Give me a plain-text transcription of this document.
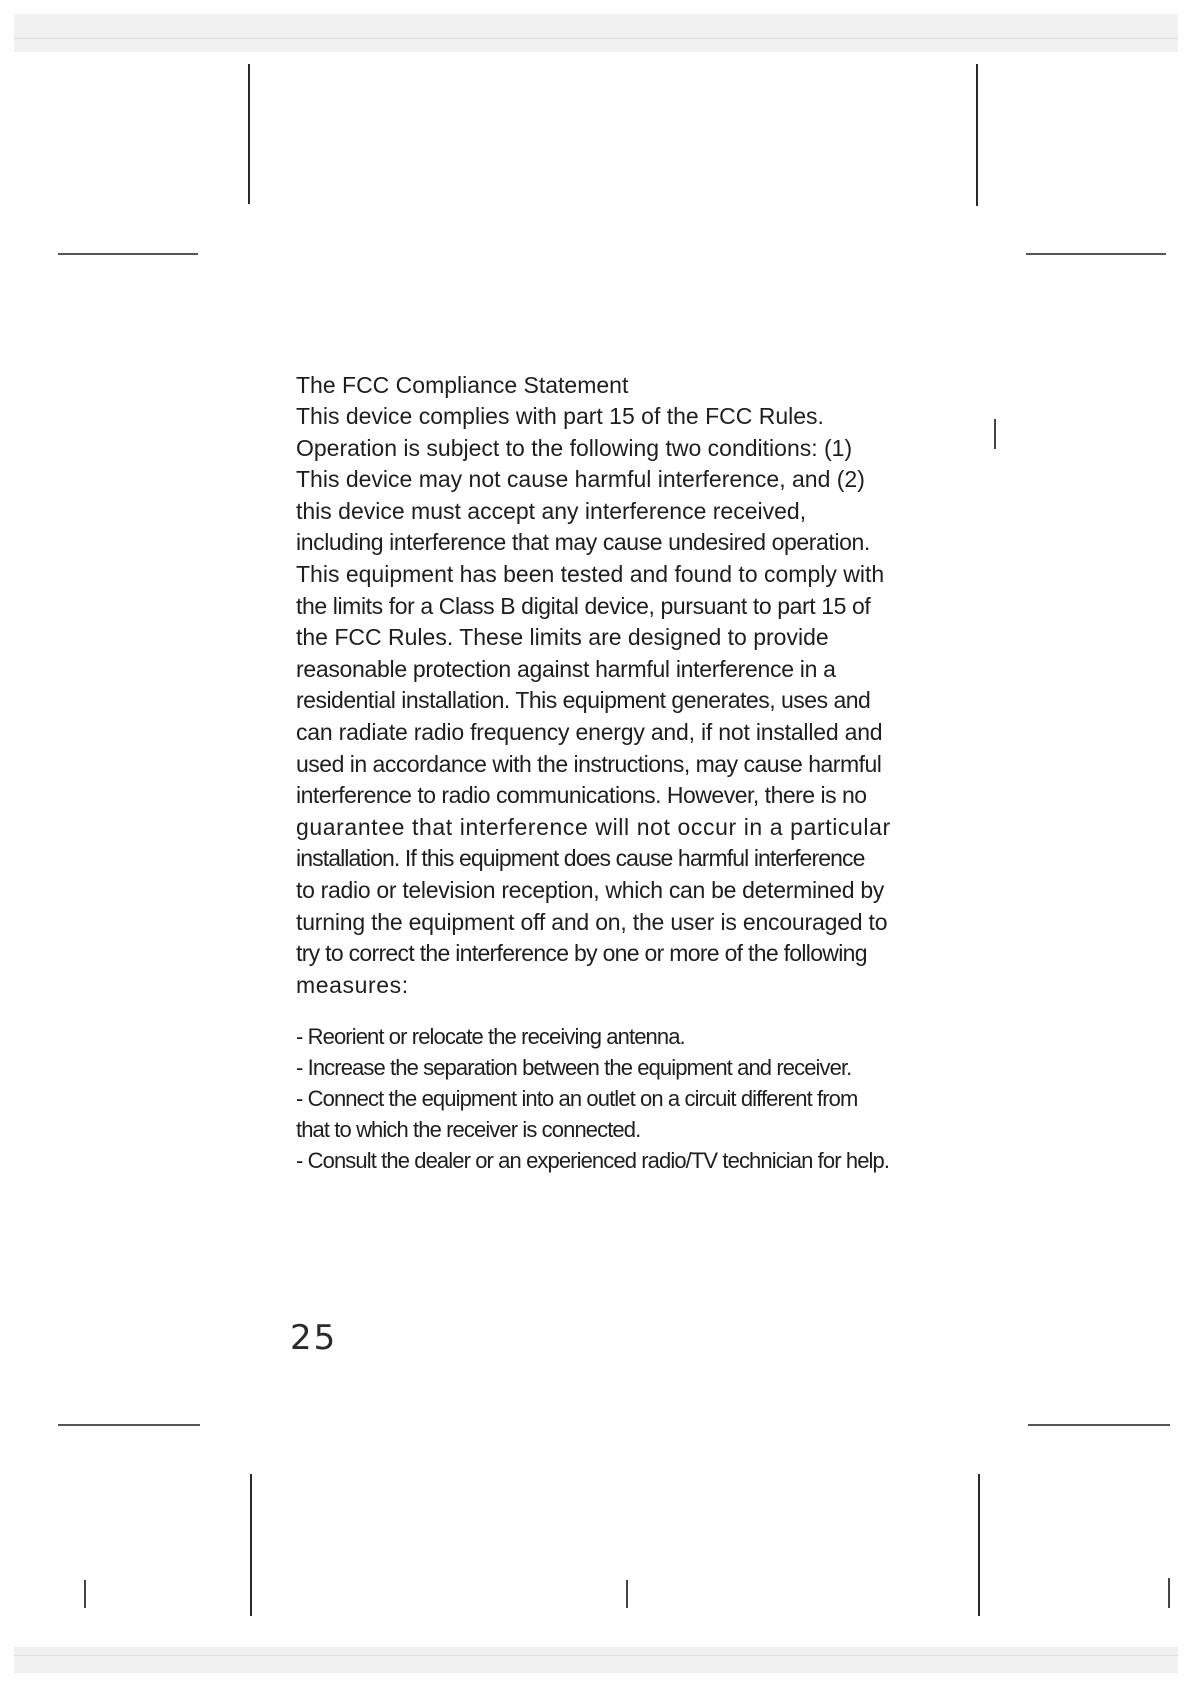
The FCC Compliance Statement

This device complies with part 15 of the FCC Rules.

Operation is subject to the following two conditions: (1)

This device may not cause harmful interference, and (2)

this device must accept any interference received,

including interference that may cause undesired operation.

This equipment has been tested and found to comply with

the limits for a Class B digital device, pursuant to part 15 of

the FCC Rules. These limits are designed to provide

reasonable protection against harmful interference in a

residential installation. This equipment generates, uses and

can radiate radio frequency energy and, if not installed and

used in accordance with the instructions, may cause harmful

interference to radio communications. However, there is no

guarantee that interference will not occur in a particular

installation. If this equipment does cause harmful interference

to radio or television reception, which can be determined by

turning the equipment off and on, the user is encouraged to

try to correct the interference by one or more of the following

measures:

- Reorient or relocate the receiving antenna.

- Increase the separation between the equipment and receiver.

- Connect the equipment into an outlet on a circuit different from

that to which the receiver is connected.

- Consult the dealer or an experienced radio/TV technician for help.

25
